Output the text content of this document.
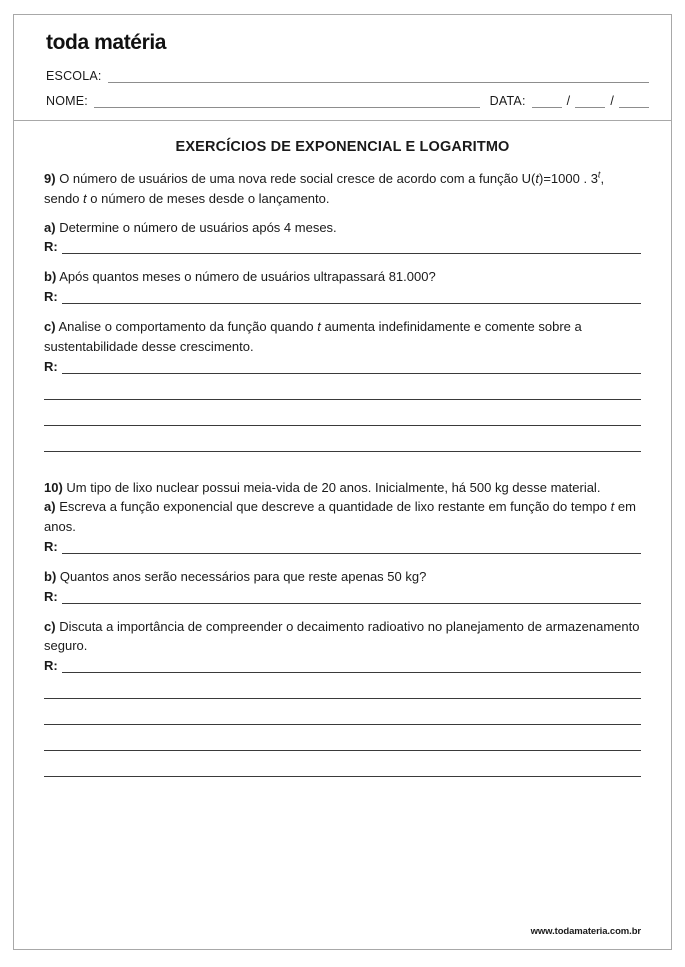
toda matéria
ESCOLA:
NOME:	DATA:	/	/
EXERCÍCIOS DE EXPONENCIAL E LOGARITMO

9) O número de usuários de uma nova rede social cresce de acordo com a função U(t)=1000 . 3$^t$, sendo t o número de meses desde o lançamento.

a) Determine o número de usuários após 4 meses.

R:

b) Após quantos meses o número de usuários ultrapassará 81.000?

R:

c) Analise o comportamento da função quando t aumenta indefinidamente e comente sobre a sustentabilidade desse crescimento.

R:

10) Um tipo de lixo nuclear possui meia-vida de 20 anos. Inicialmente, há 500 kg desse material.

a) Escreva a função exponencial que descreve a quantidade de lixo restante em função do tempo t em anos.

R:

b) Quantos anos serão necessários para que reste apenas 50 kg?

R:

c) Discuta a importância de compreender o decaimento radioativo no planejamento de armazenamento seguro.

R:
www.todamateria.com.br
